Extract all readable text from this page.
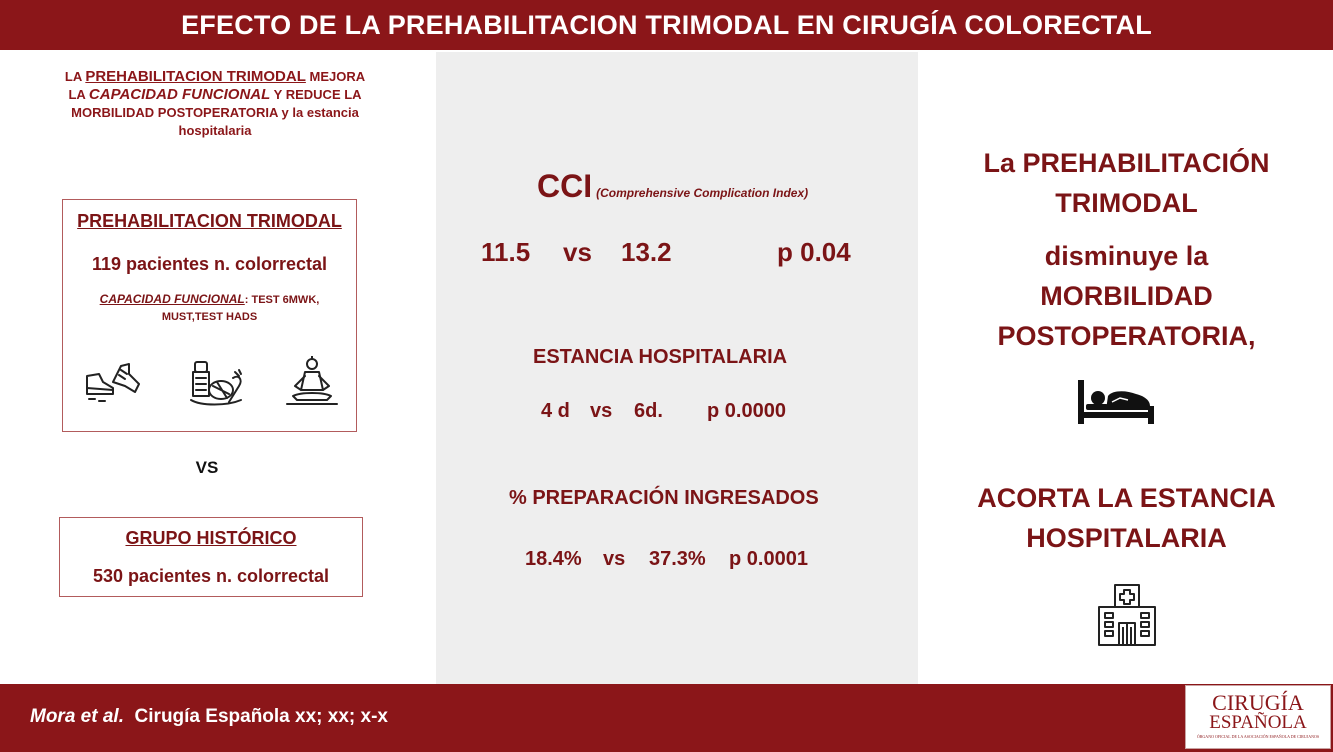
EFECTO DE LA PREHABILITACION TRIMODAL EN CIRUGÍA COLORECTAL
LA PREHABILITACION TRIMODAL MEJORA
LA CAPACIDAD FUNCIONAL Y REDUCE LA
MORBILIDAD POSTOPERATORIA y la estancia
hospitalaria
PREHABILITACION TRIMODAL
119 pacientes n. colorrectal
CAPACIDAD FUNCIONAL: TEST 6MWK,
MUST,TEST HADS
VS
GRUPO HISTÓRICO
530 pacientes n. colorrectal
CCI (Comprehensive Complication Index)
11.5 vs 13.2	p 0.04
ESTANCIA HOSPITALARIA
4 d vs 6d. p 0.0000
% PREPARACIÓN INGRESADOS
18.4% vs 37.3% p 0.0001
La PREHABILITACIÓN
TRIMODAL
disminuye la
MORBILIDAD
POSTOPERATORIA,
ACORTA LA ESTANCIA
HOSPITALARIA
Mora et al. Cirugía Española xx; xx; x-x
CIRUGÍA
ESPAÑOLA
ÓRGANO OFICIAL DE LA ASOCIACIÓN ESPAÑOLA DE CIRUJANOS
